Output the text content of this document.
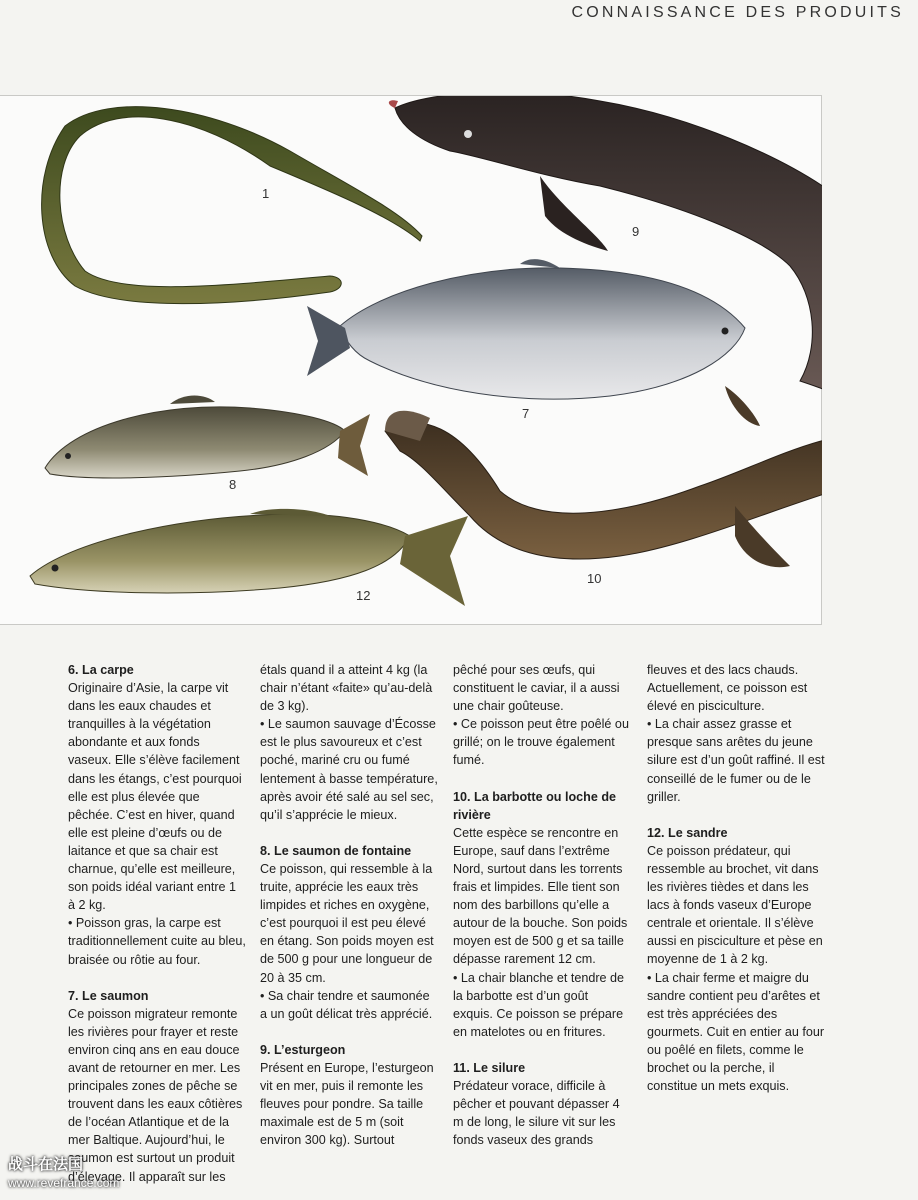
CONNAISSANCE DES PRODUITS
1
9
7
8
10
12
6. La carpe

Originaire d’Asie, la carpe vit dans les eaux chaudes et tranquilles à la végétation abondante et aux fonds vaseux. Elle s’élève facilement dans les étangs, c’est pourquoi elle est plus élevée que pêchée. C’est en hiver, quand elle est pleine d’œufs ou de laitance et que sa chair est charnue, qu’elle est meilleure, son poids idéal variant entre 1 à 2 kg.

• Poisson gras, la carpe est traditionnellement cuite au bleu, braisée ou rôtie au four.

7. Le saumon

Ce poisson migrateur remonte les rivières pour frayer et reste environ cinq ans en eau douce avant de retourner en mer. Les principales zones de pêche se trouvent dans les eaux côtières de l’océan Atlantique et de la mer Baltique. Aujourd’hui, le saumon est surtout un produit d’élevage. Il apparaît sur les

étals quand il a atteint 4 kg (la chair n’étant «faite» qu’au-delà de 3 kg).

• Le saumon sauvage d’Écosse est le plus savoureux et c’est poché, mariné cru ou fumé lentement à basse température, après avoir été salé au sel sec, qu’il s’apprécie le mieux.

8. Le saumon de fontaine

Ce poisson, qui ressemble à la truite, apprécie les eaux très limpides et riches en oxygène, c’est pourquoi il est peu élevé en étang. Son poids moyen est de 500 g pour une longueur de 20 à 35 cm.

• Sa chair tendre et saumonée a un goût délicat très apprécié.

9. L’esturgeon

Présent en Europe, l’esturgeon vit en mer, puis il remonte les fleuves pour pondre. Sa taille maximale est de 5 m (soit environ 300 kg). Surtout

pêché pour ses œufs, qui constituent le caviar, il a aussi une chair goûteuse.

• Ce poisson peut être poêlé ou grillé; on le trouve également fumé.

10. La barbotte ou loche de rivière

Cette espèce se rencontre en Europe, sauf dans l’extrême Nord, surtout dans les torrents frais et limpides. Elle tient son nom des barbillons qu’elle a autour de la bouche. Son poids moyen est de 500 g et sa taille dépasse rarement 12 cm.

• La chair blanche et tendre de la barbotte est d’un goût exquis. Ce poisson se prépare en matelotes ou en fritures.

11. Le silure

Prédateur vorace, difficile à pêcher et pouvant dépasser 4 m de long, le silure vit sur les fonds vaseux des grands

fleuves et des lacs chauds. Actuellement, ce poisson est élevé en pisciculture.

• La chair assez grasse et presque sans arêtes du jeune silure est d’un goût raffiné. Il est conseillé de le fumer ou de le griller.

12. Le sandre

Ce poisson prédateur, qui ressemble au brochet, vit dans les rivières tièdes et dans les lacs à fonds vaseux d’Europe centrale et orientale. Il s’élève aussi en pisciculture et pèse en moyenne de 1 à 2 kg.

• La chair ferme et maigre du sandre contient peu d’arêtes et est très appréciées des gourmets. Cuit en entier au four ou poêlé en filets, comme le brochet ou la perche, il constitue un mets exquis.

战斗在法国
www.revefrance.com
